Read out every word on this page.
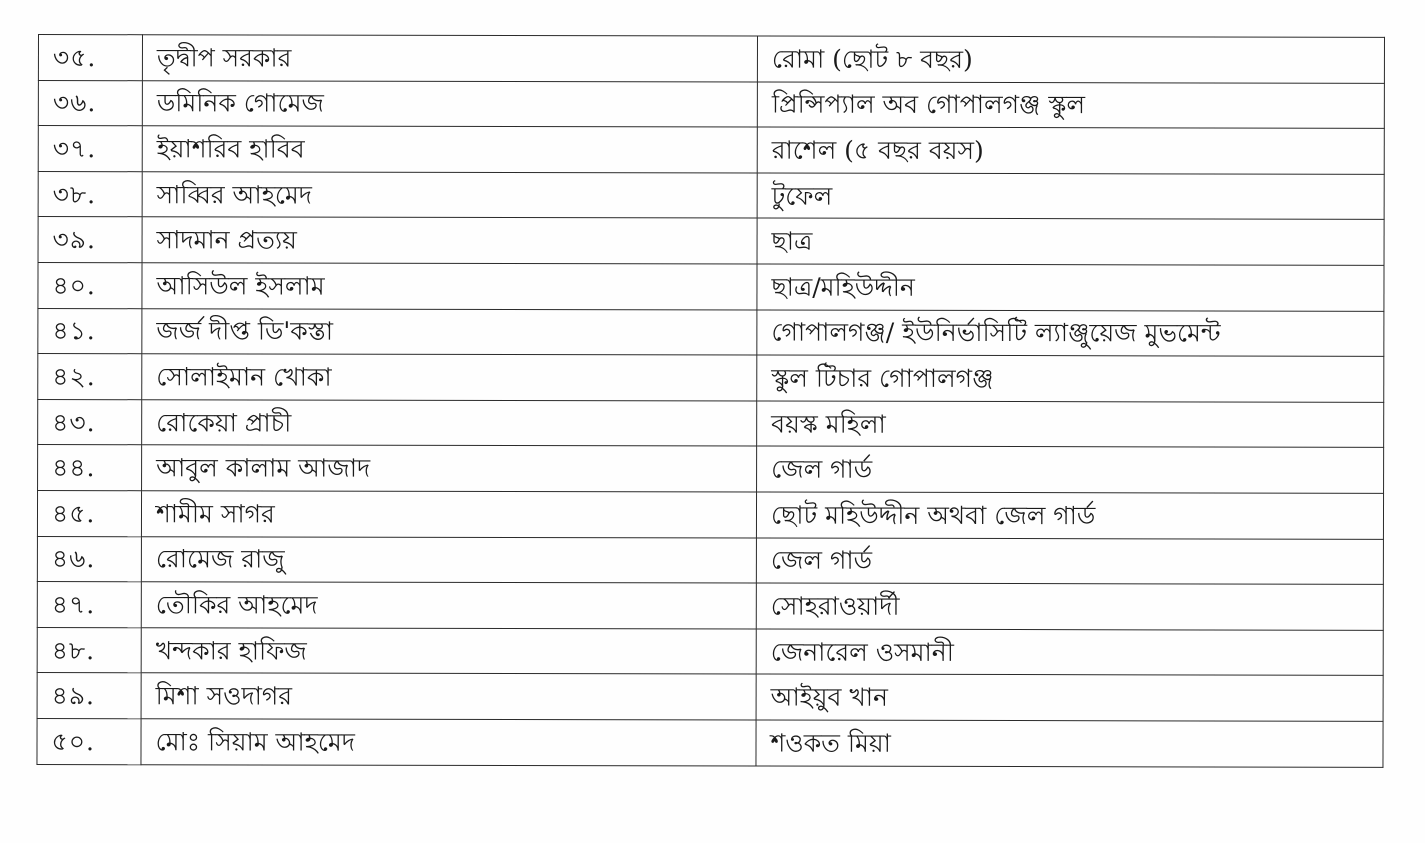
৩৫.	তৃদ্বীপ সরকার	রোমা (ছোট ৮ বছর)
৩৬.	ডমিনিক গোমেজ	প্রিন্সিপ্যাল অব গোপালগঞ্জ স্কুল
৩৭.	ইয়াশরিব হাবিব	রাশেল (৫ বছর বয়স)
৩৮.	সাব্বির আহমেদ	টুফেল
৩৯.	সাদমান প্রত্যয়	ছাত্র
৪০.	আসিউল ইসলাম	ছাত্র/মহিউদ্দীন
৪১.	জর্জ দীপ্ত ডি'কস্তা	গোপালগঞ্জ/ ইউনির্ভাসিটি ল্যাঞ্জুয়েজ মুভমেন্ট
৪২.	সোলাইমান খোকা	স্কুল টিচার গোপালগঞ্জ
৪৩.	রোকেয়া প্রাচী	বয়স্ক মহিলা
৪৪.	আবুল কালাম আজাদ	জেল গার্ড
৪৫.	শামীম সাগর	ছোট মহিউদ্দীন অথবা জেল গার্ড
৪৬.	রোমেজ রাজু	জেল গার্ড
৪৭.	তৌকির আহমেদ	সোহরাওয়ার্দী
৪৮.	খন্দকার হাফিজ	জেনারেল ওসমানী
৪৯.	মিশা সওদাগর	আইয়ুব খান
৫০.	মোঃ সিয়াম আহমেদ	শওকত মিয়া
